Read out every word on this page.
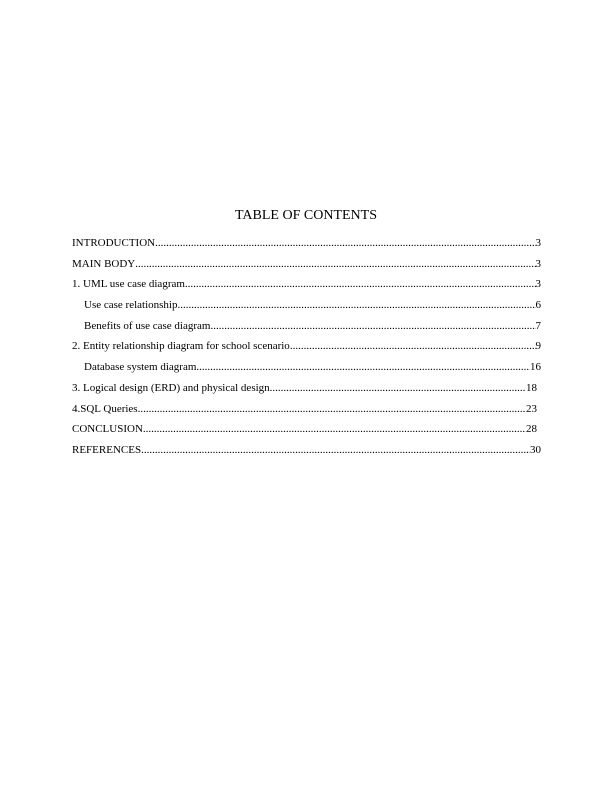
TABLE OF CONTENTS
INTRODUCTION .....	3
MAIN BODY .....	3
1. UML use case diagram .....	3
Use case relationship .....	6
Benefits of use case diagram .....	7
2. Entity relationship diagram for school scenario .....	9
Database system diagram .....	16
3. Logical design (ERD) and physical design .....	18
4.SQL Queries .....	23
CONCLUSION .....	28
REFERENCES .....	30
